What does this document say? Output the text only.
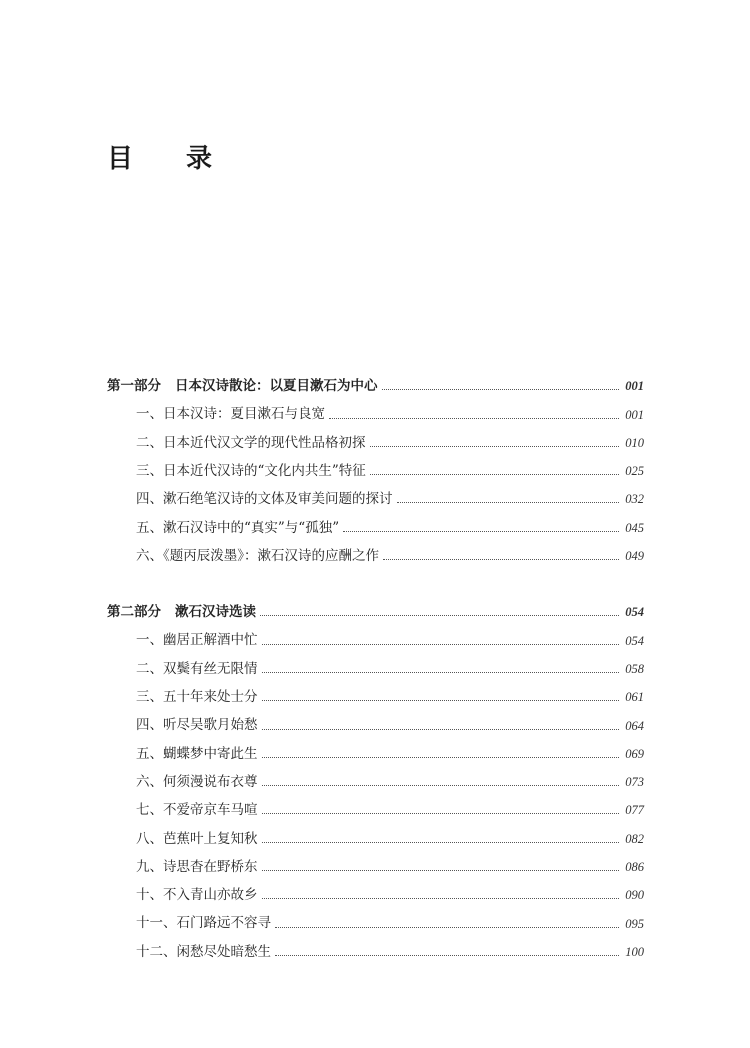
目 录
第一部分 日本汉诗散论：以夏目漱石为中心	001
一、日本汉诗：夏目漱石与良宽	001
二、日本近代汉文学的现代性品格初探	010
三、日本近代汉诗的“文化内共生”特征	025
四、漱石绝笔汉诗的文体及审美问题的探讨	032
五、漱石汉诗中的“真实”与“孤独”	045
六、《题丙辰泼墨》：漱石汉诗的应酬之作	049
第二部分 漱石汉诗选读	054
一、幽居正解酒中忙	054
二、双鬓有丝无限情	058
三、五十年来处士分	061
四、听尽吴歌月始愁	064
五、蝴蝶梦中寄此生	069
六、何须漫说布衣尊	073
七、不爱帝京车马喧	077
八、芭蕉叶上复知秋	082
九、诗思杳在野桥东	086
十、不入青山亦故乡	090
十一、石门路远不容寻	095
十二、闲愁尽处暗愁生	100
